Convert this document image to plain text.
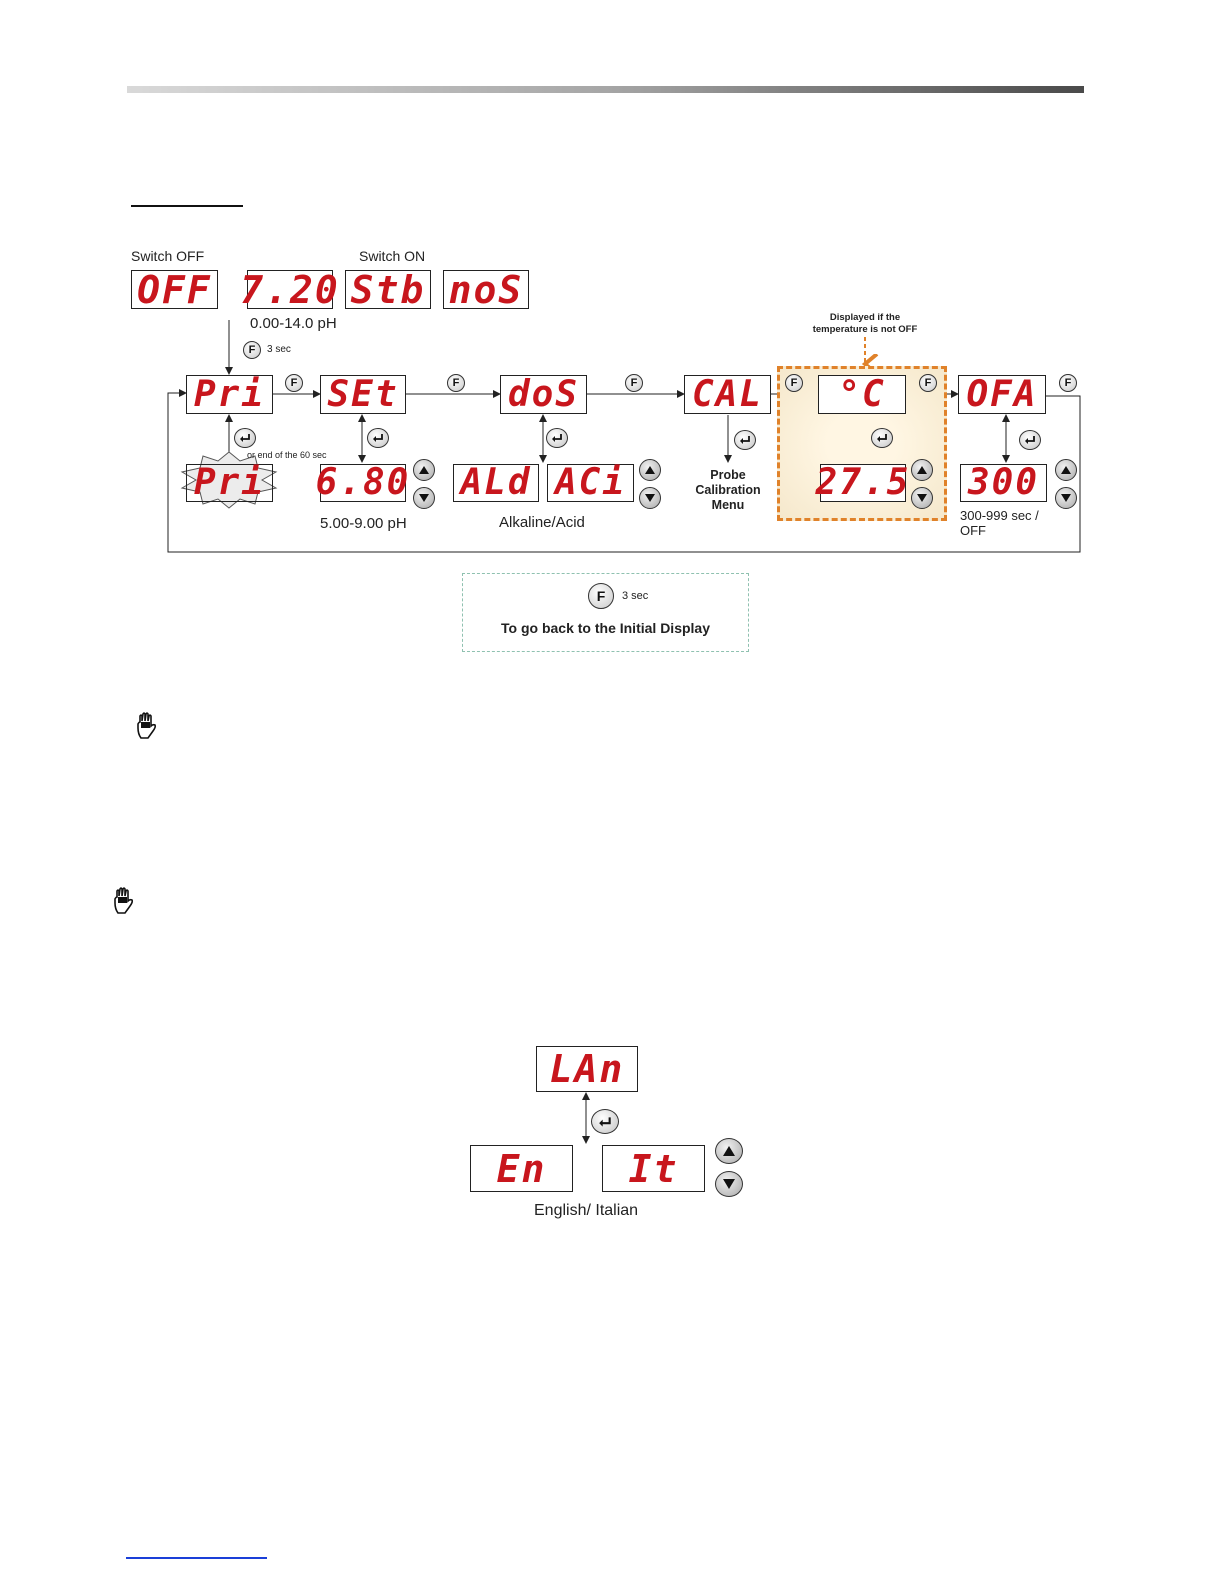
Switch OFF	Switch ON
OFF 7.20 Stb noS
0.00-14.0 pH
F 3 sec
Displayed if the
temperature is not OFF
Pri SEt	doS	CAL °C OFA
F	F	F	F	F	F
or end of the 60 sec
Pri 6.80 ALd ACi	27.5 300
5.00-9.00 pH	Alkaline/Acid
Probe
Calibration
Menu
300-999 sec /
OFF
F 3 sec
To go back to the Initial Display
LAn
En It
English/ Italian
